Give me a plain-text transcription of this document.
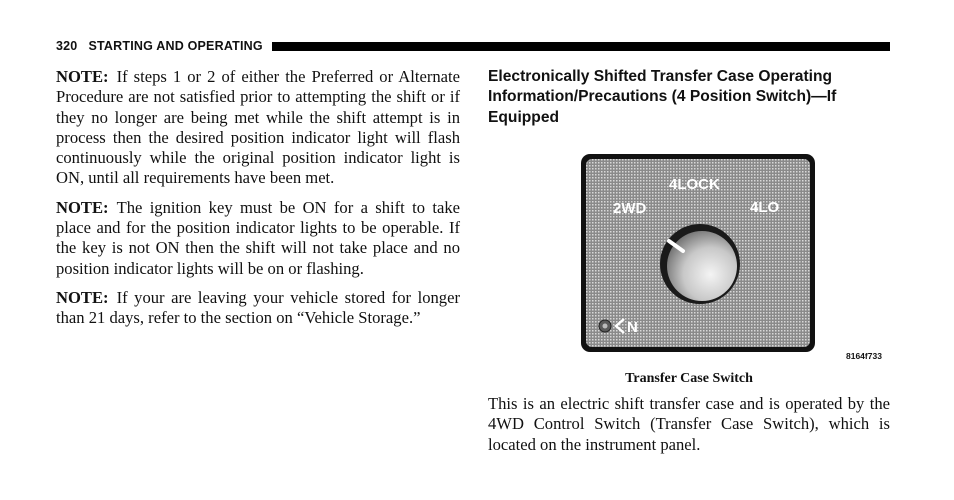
320 STARTING AND OPERATING

NOTE: If steps 1 or 2 of either the Preferred or Alternate Procedure are not satisfied prior to attempting the shift or if they no longer are being met while the shift attempt is in process then the desired position indicator light will flash continuously while the original position indicator light is ON, until all requirements have been met.

NOTE: The ignition key must be ON for a shift to take place and for the position indicator lights to be operable. If the key is not ON then the shift will not take place and no position indicator lights will be on or flashing.

NOTE: If your are leaving your vehicle stored for longer than 21 days, refer to the section on “Vehicle Storage.”

Electronically Shifted Transfer Case Operating Information/Precautions (4 Position Switch)—If Equipped
4LOCK
2WD	4LO
N
8164f733
Transfer Case Switch

This is an electric shift transfer case and is operated by the 4WD Control Switch (Transfer Case Switch), which is located on the instrument panel.
